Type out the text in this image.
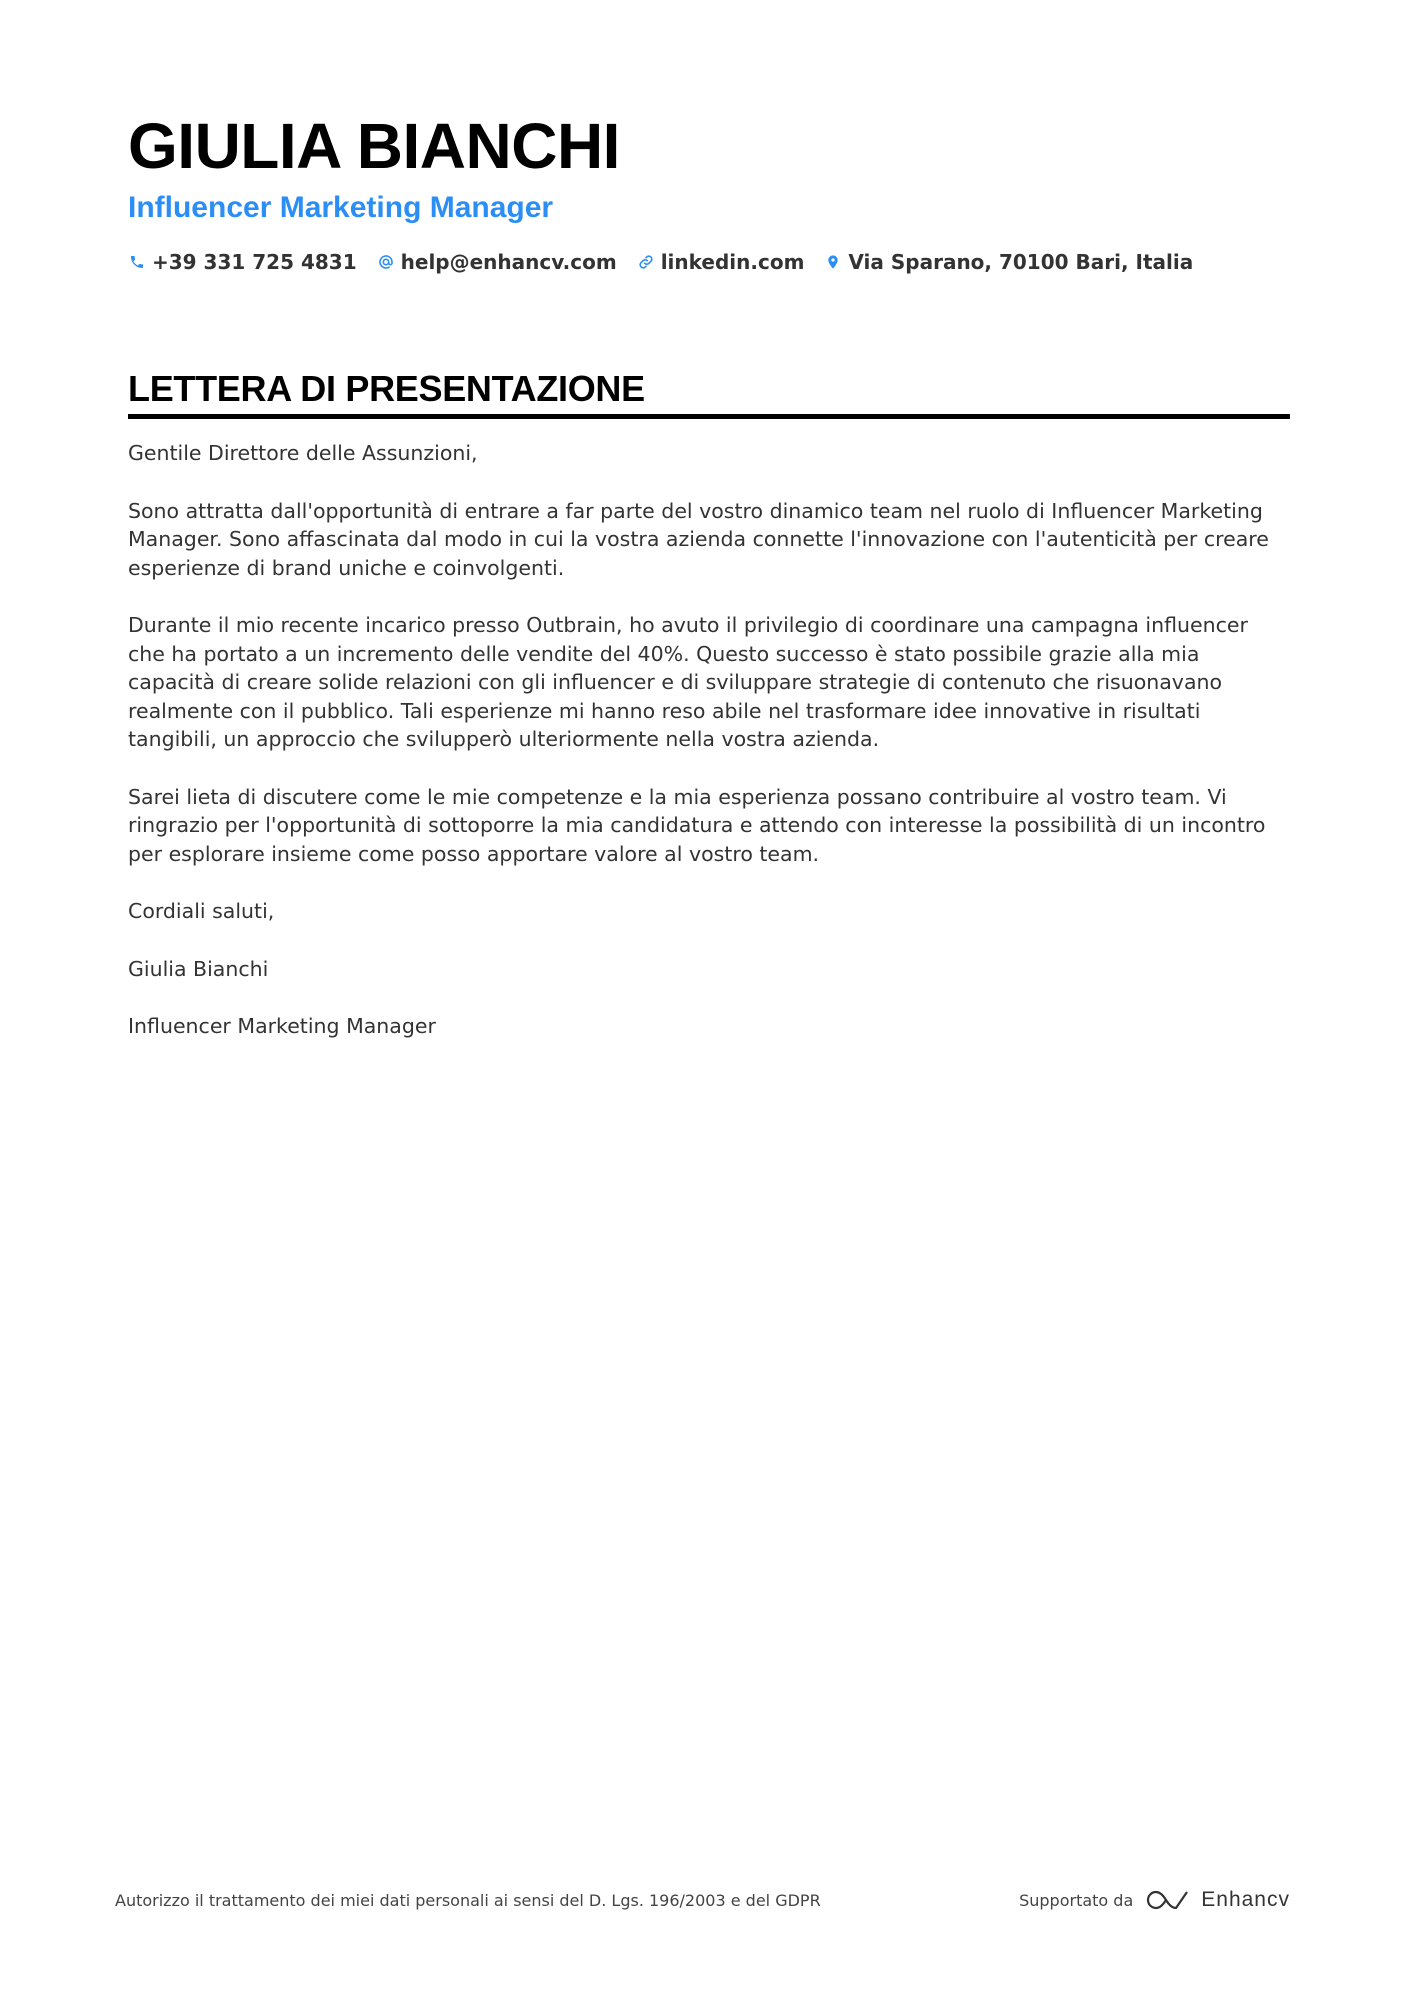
GIULIA BIANCHI
Influencer Marketing Manager
+39 331 725 4831 help@enhancv.com linkedin.com Via Sparano, 70100 Bari, Italia
LETTERA DI PRESENTAZIONE

Gentile Direttore delle Assunzioni,

Sono attratta dall'opportunità di entrare a far parte del vostro dinamico team nel ruolo di Influencer Marketing Manager. Sono affascinata dal modo in cui la vostra azienda connette l'innovazione con l'autenticità per creare esperienze di brand uniche e coinvolgenti.

Durante il mio recente incarico presso Outbrain, ho avuto il privilegio di coordinare una campagna influencer che ha portato a un incremento delle vendite del 40%. Questo successo è stato possibile grazie alla mia capacità di creare solide relazioni con gli influencer e di sviluppare strategie di contenuto che risuonavano realmente con il pubblico. Tali esperienze mi hanno reso abile nel trasformare idee innovative in risultati tangibili, un approccio che svilupperò ulteriormente nella vostra azienda.

Sarei lieta di discutere come le mie competenze e la mia esperienza possano contribuire al vostro team. Vi ringrazio per l'opportunità di sottoporre la mia candidatura e attendo con interesse la possibilità di un incontro per esplorare insieme come posso apportare valore al vostro team.

Cordiali saluti,

Giulia Bianchi

Influencer Marketing Manager

Autorizzo il trattamento dei miei dati personali ai sensi del D. Lgs. 196/2003 e del GDPR	Supportato da	Enhancv
